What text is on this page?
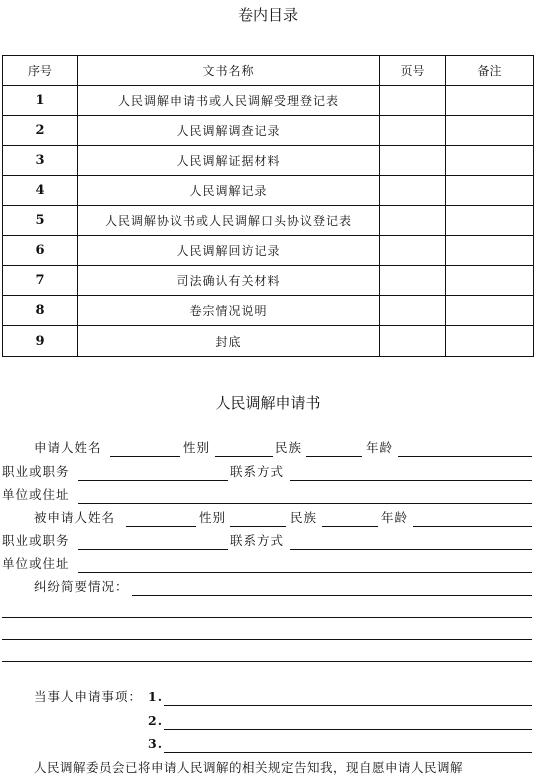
卷内目录
序号	文书名称	页号	备注
1	人民调解申请书或人民调解受理登记表		
2	人民调解调查记录		
3	人民调解证据材料		
4	人民调解记录		
5	人民调解协议书或人民调解口头协议登记表		
6	人民调解回访记录		
7	司法确认有关材料		
8	卷宗情况说明		
9	封底		
人民调解申请书
申请人姓名	性别	民族	年龄
职业或职务	联系方式
单位或住址
被申请人姓名	性别	民族	年龄
职业或职务	联系方式
单位或住址
纠纷简要情况：
当事人申请事项： 1.
2.
3.
人民调解委员会已将申请人民调解的相关规定告知我，现自愿申请人民调解
